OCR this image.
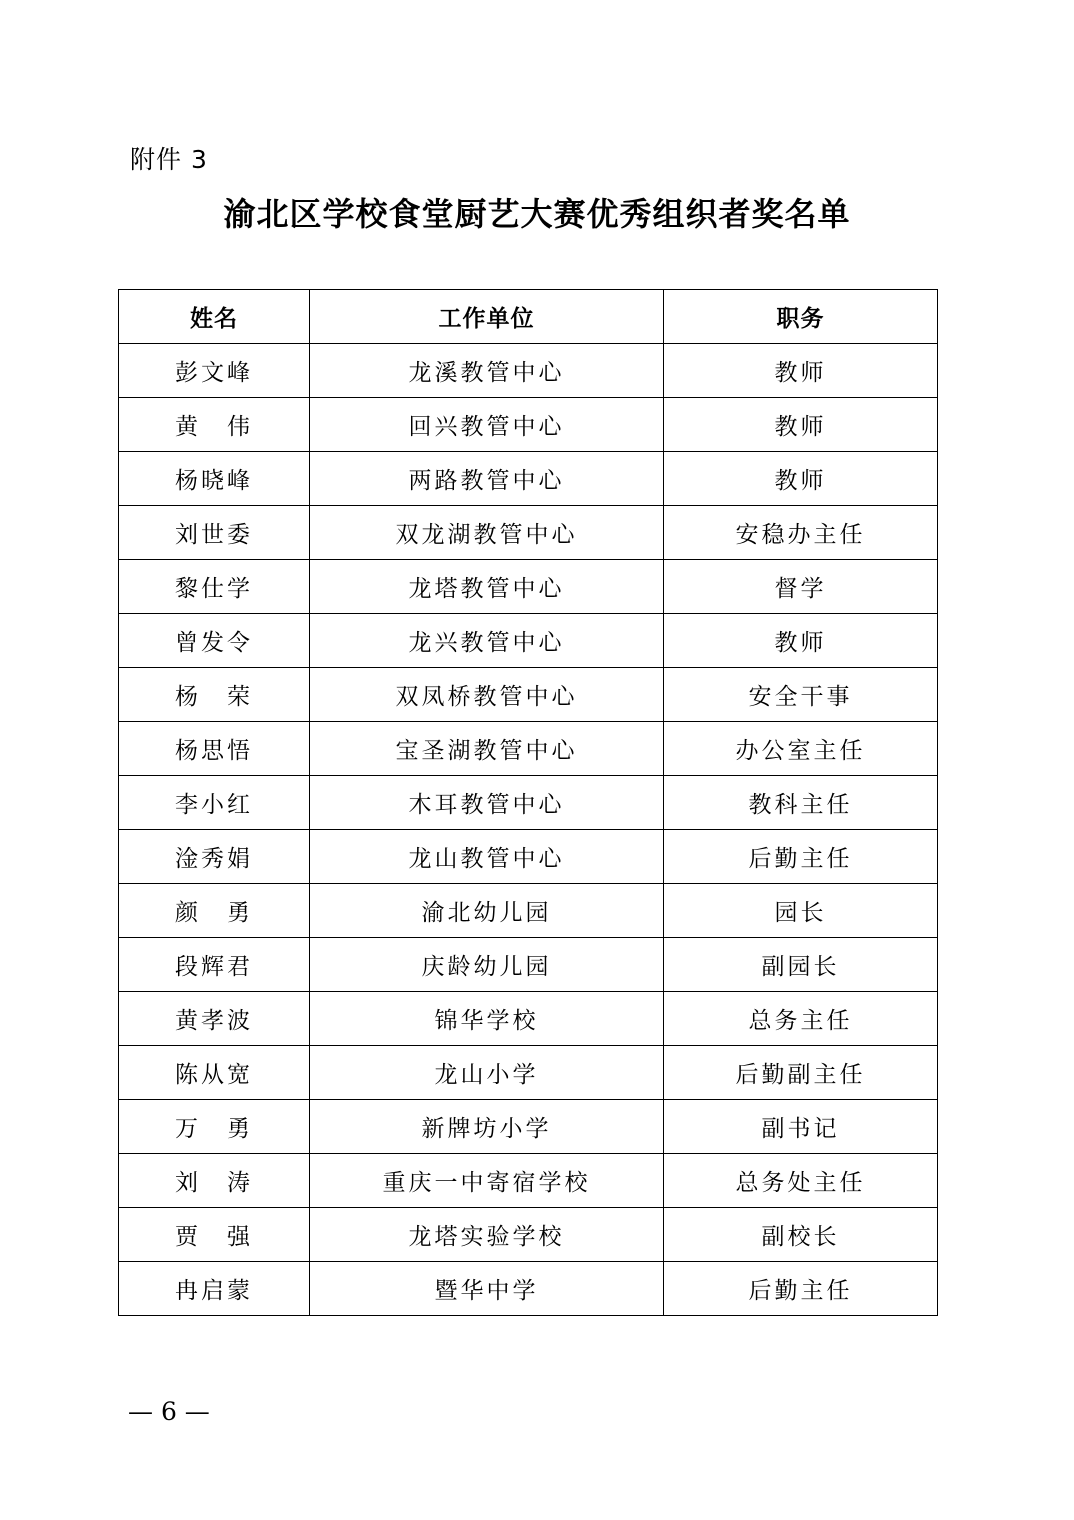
附件 3
渝北区学校食堂厨艺大赛优秀组织者奖名单
姓名	工作单位	职务
彭文峰	龙溪教管中心	教师
黄　伟	回兴教管中心	教师
杨晓峰	两路教管中心	教师
刘世委	双龙湖教管中心	安稳办主任
黎仕学	龙塔教管中心	督学
曾发令	龙兴教管中心	教师
杨　荣	双凤桥教管中心	安全干事
杨思悟	宝圣湖教管中心	办公室主任
李小红	木耳教管中心	教科主任
淦秀娟	龙山教管中心	后勤主任
颜　勇	渝北幼儿园	园长
段辉君	庆龄幼儿园	副园长
黄孝波	锦华学校	总务主任
陈从宽	龙山小学	后勤副主任
万　勇	新牌坊小学	副书记
刘　涛	重庆一中寄宿学校	总务处主任
贾　强	龙塔实验学校	副校长
冉启蒙	暨华中学	后勤主任
— 6 —
